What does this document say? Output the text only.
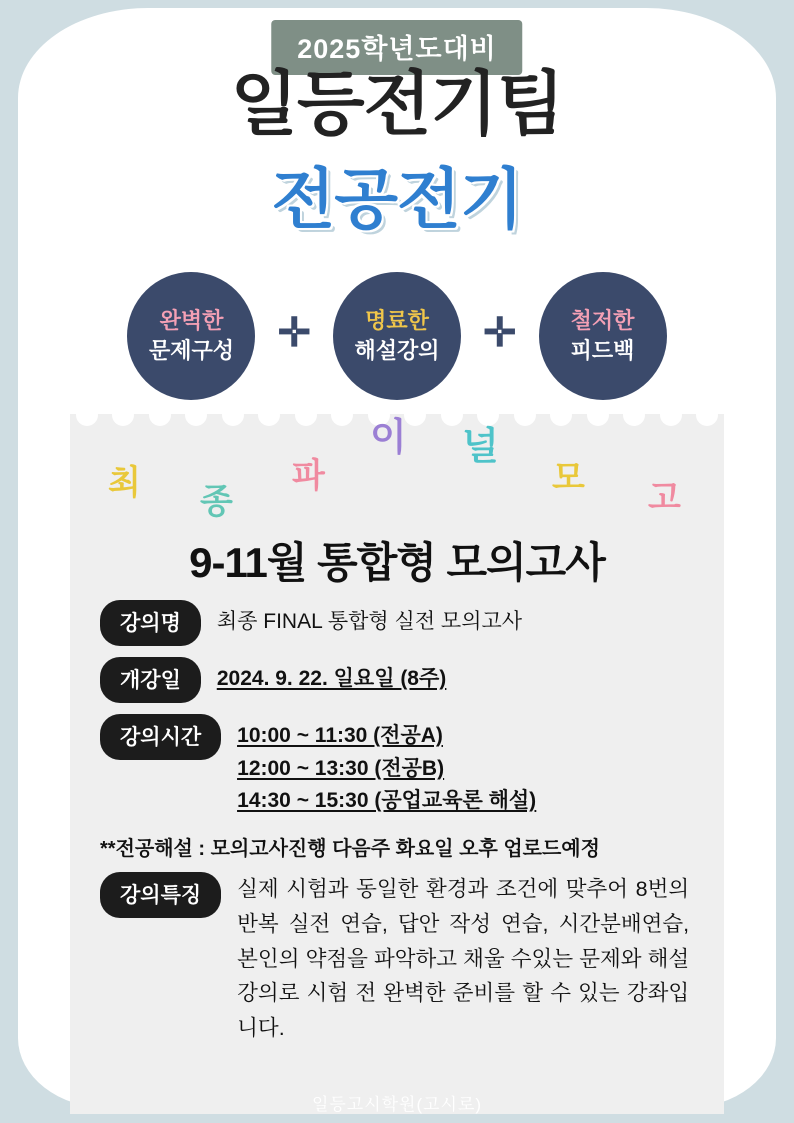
2025학년도대비
일등전기팀
전공전기
완벽한
문제구성 ✛ 명료한
해설강의 ✛ 철저한
피드백
최 종
파
이 널
모
고
9-11월 통합형 모의고사
강의명	최종 FINAL 통합형 실전 모의고사
개강일	2024. 9. 22. 일요일 (8주)
강의시간	10:00 ~ 11:30 (전공A)
12:00 ~ 13:30 (전공B)
14:30 ~ 15:30 (공업교육론 해설)
**전공해설 : 모의고사진행 다음주 화요일 오후 업로드예정
강의특징	실제 시험과 동일한 환경과 조건에 맞추어 8번의 반복 실전 연습, 답안 작성 연습, 시간분배연습, 본인의 약점을 파악하고 채울 수있는 문제와 해설강의로 시험 전 완벽한 준비를 할 수 있는 강좌입니다.
일등고시학원(고시로)
